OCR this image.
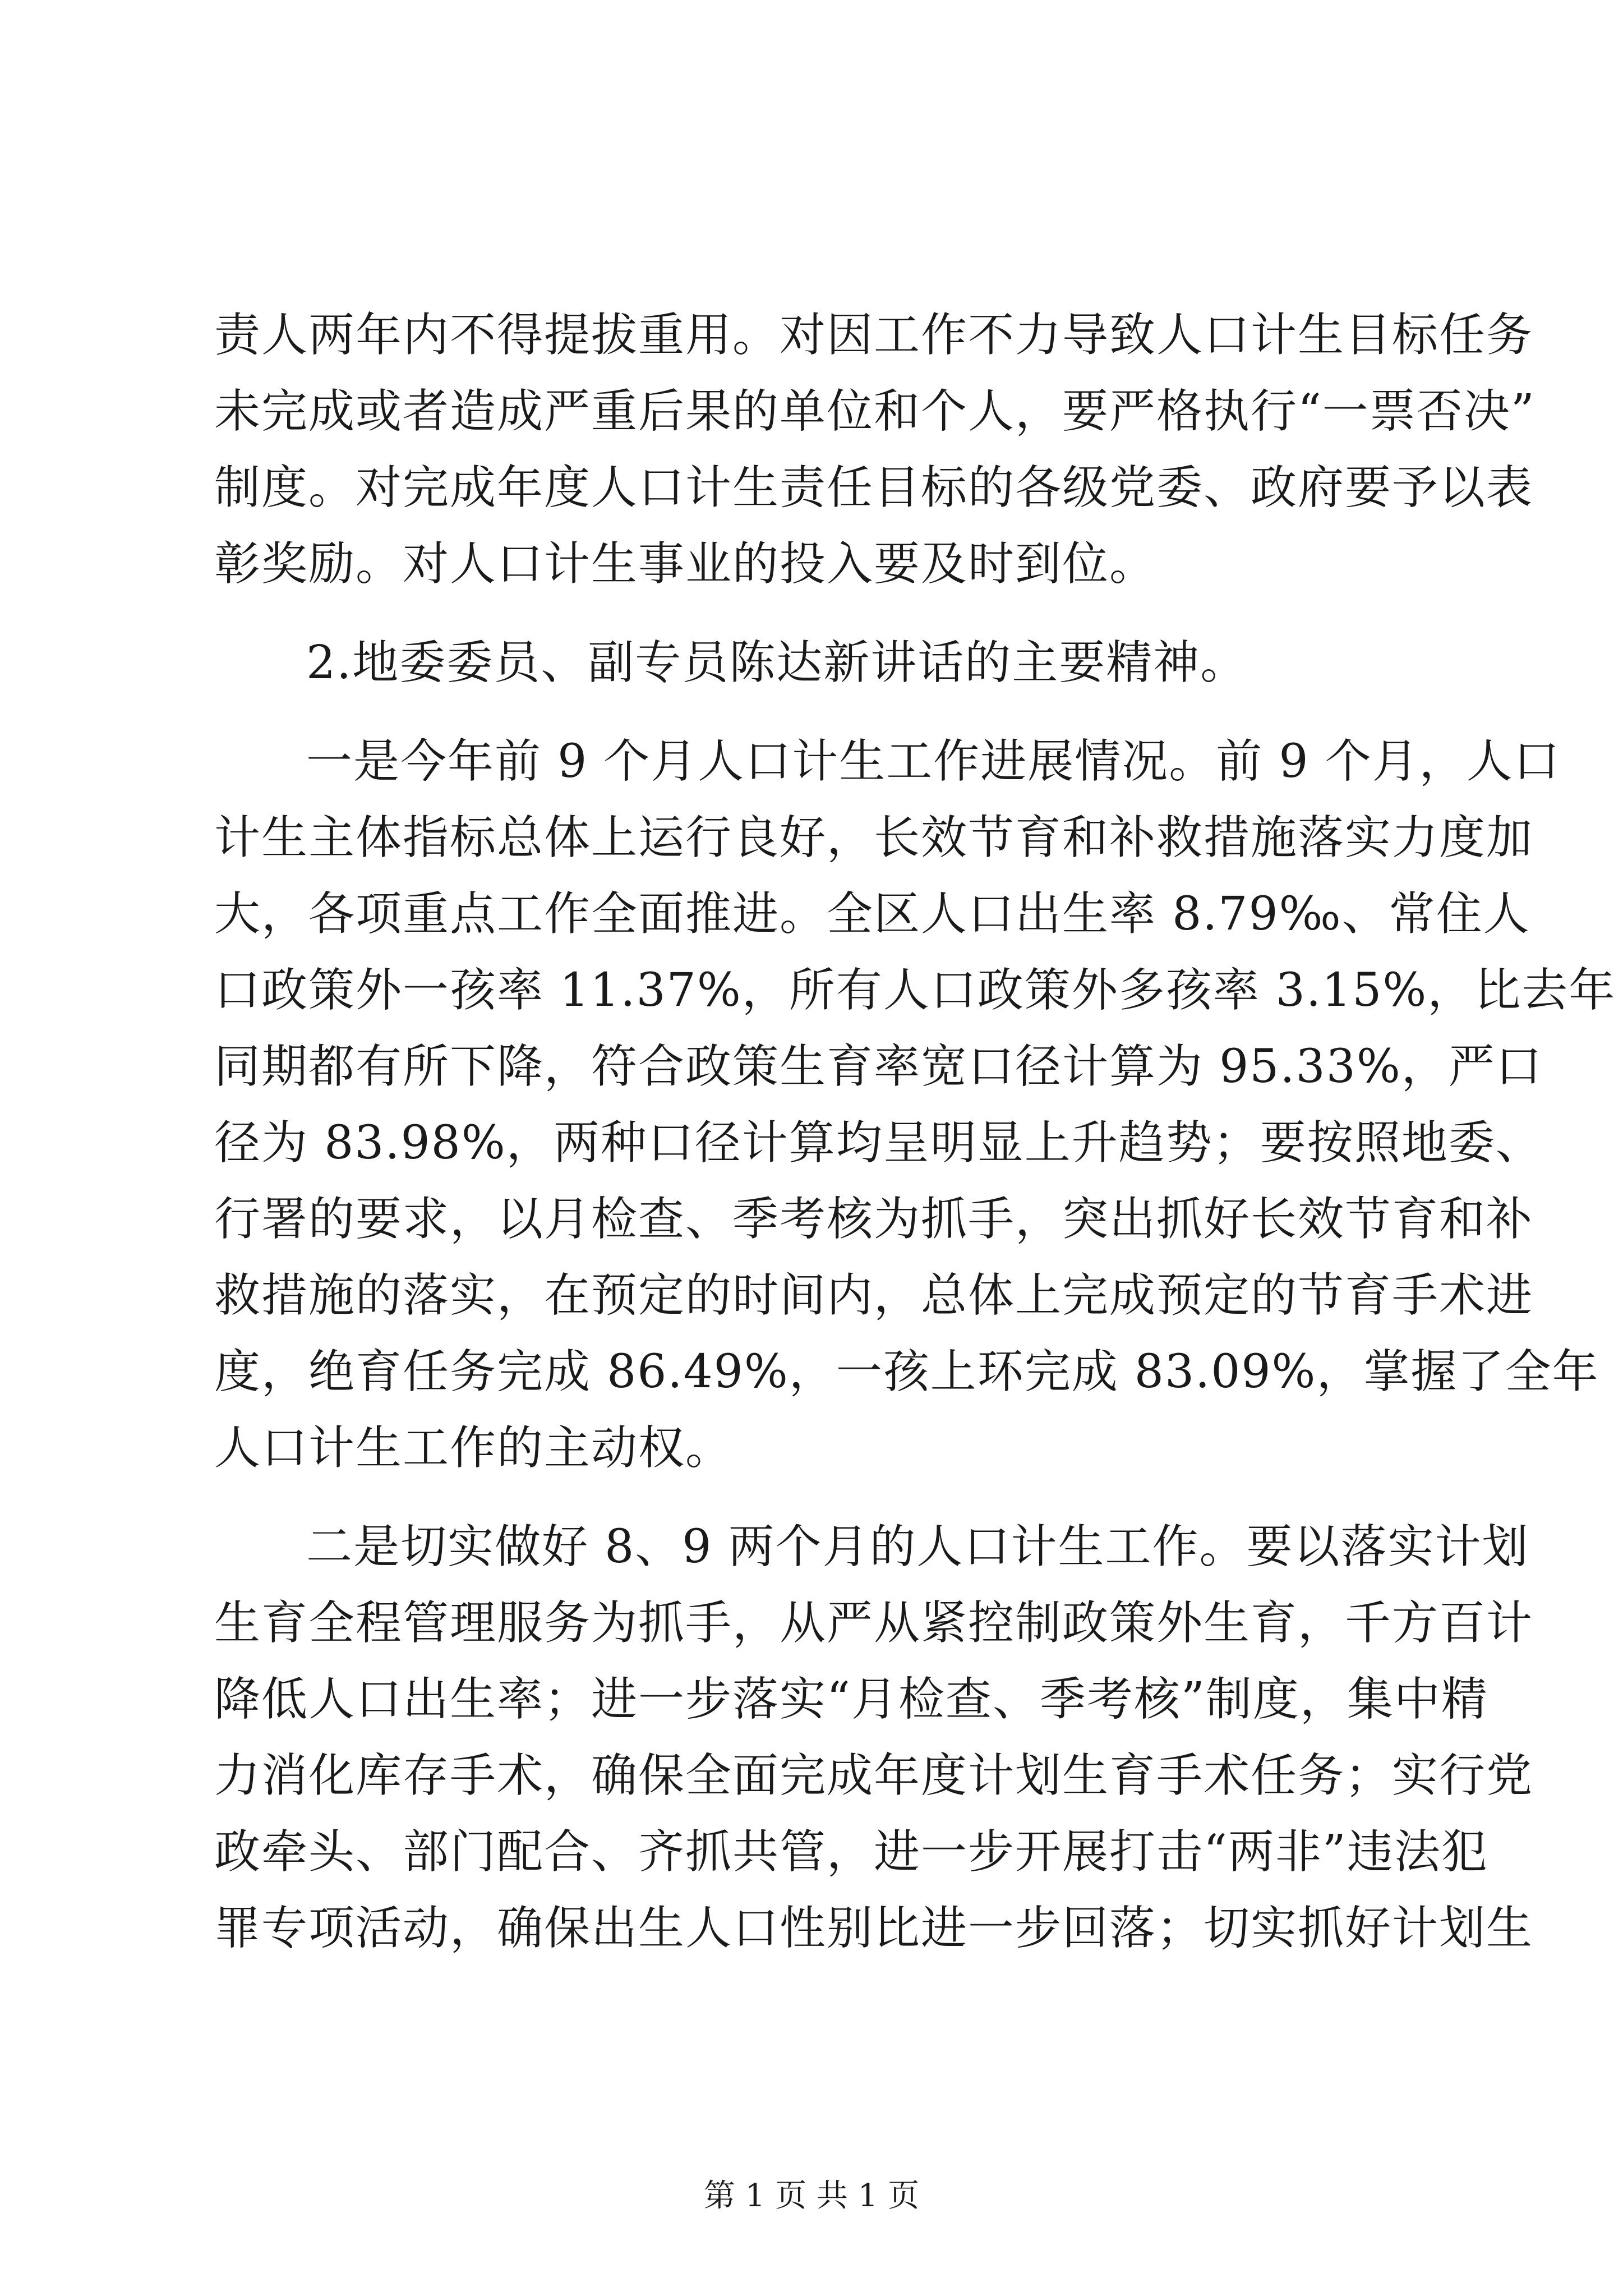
责人两年内不得提拔重用。对因工作不力导致人口计生目标任务
未完成或者造成严重后果的单位和个人，要严格执行“一票否决”
制度。对完成年度人口计生责任目标的各级党委、政府要予以表
彰奖励。对人口计生事业的投入要及时到位。
2.地委委员、副专员陈达新讲话的主要精神。
一是今年前 9 个月人口计生工作进展情况。前 9 个月，人口
计生主体指标总体上运行良好，长效节育和补救措施落实力度加
大，各项重点工作全面推进。全区人口出生率 8.79‰、常住人
口政策外一孩率 11.37%，所有人口政策外多孩率 3.15%，比去年
同期都有所下降，符合政策生育率宽口径计算为 95.33%，严口
径为 83.98%，两种口径计算均呈明显上升趋势；要按照地委、
行署的要求，以月检查、季考核为抓手，突出抓好长效节育和补
救措施的落实，在预定的时间内，总体上完成预定的节育手术进
度，绝育任务完成 86.49%，一孩上环完成 83.09%，掌握了全年
人口计生工作的主动权。
二是切实做好 8、9 两个月的人口计生工作。要以落实计划
生育全程管理服务为抓手，从严从紧控制政策外生育，千方百计
降低人口出生率；进一步落实“月检查、季考核”制度，集中精
力消化库存手术，确保全面完成年度计划生育手术任务；实行党
政牵头、部门配合、齐抓共管，进一步开展打击“两非”违法犯
罪专项活动，确保出生人口性别比进一步回落；切实抓好计划生
第 1 页 共 1 页
